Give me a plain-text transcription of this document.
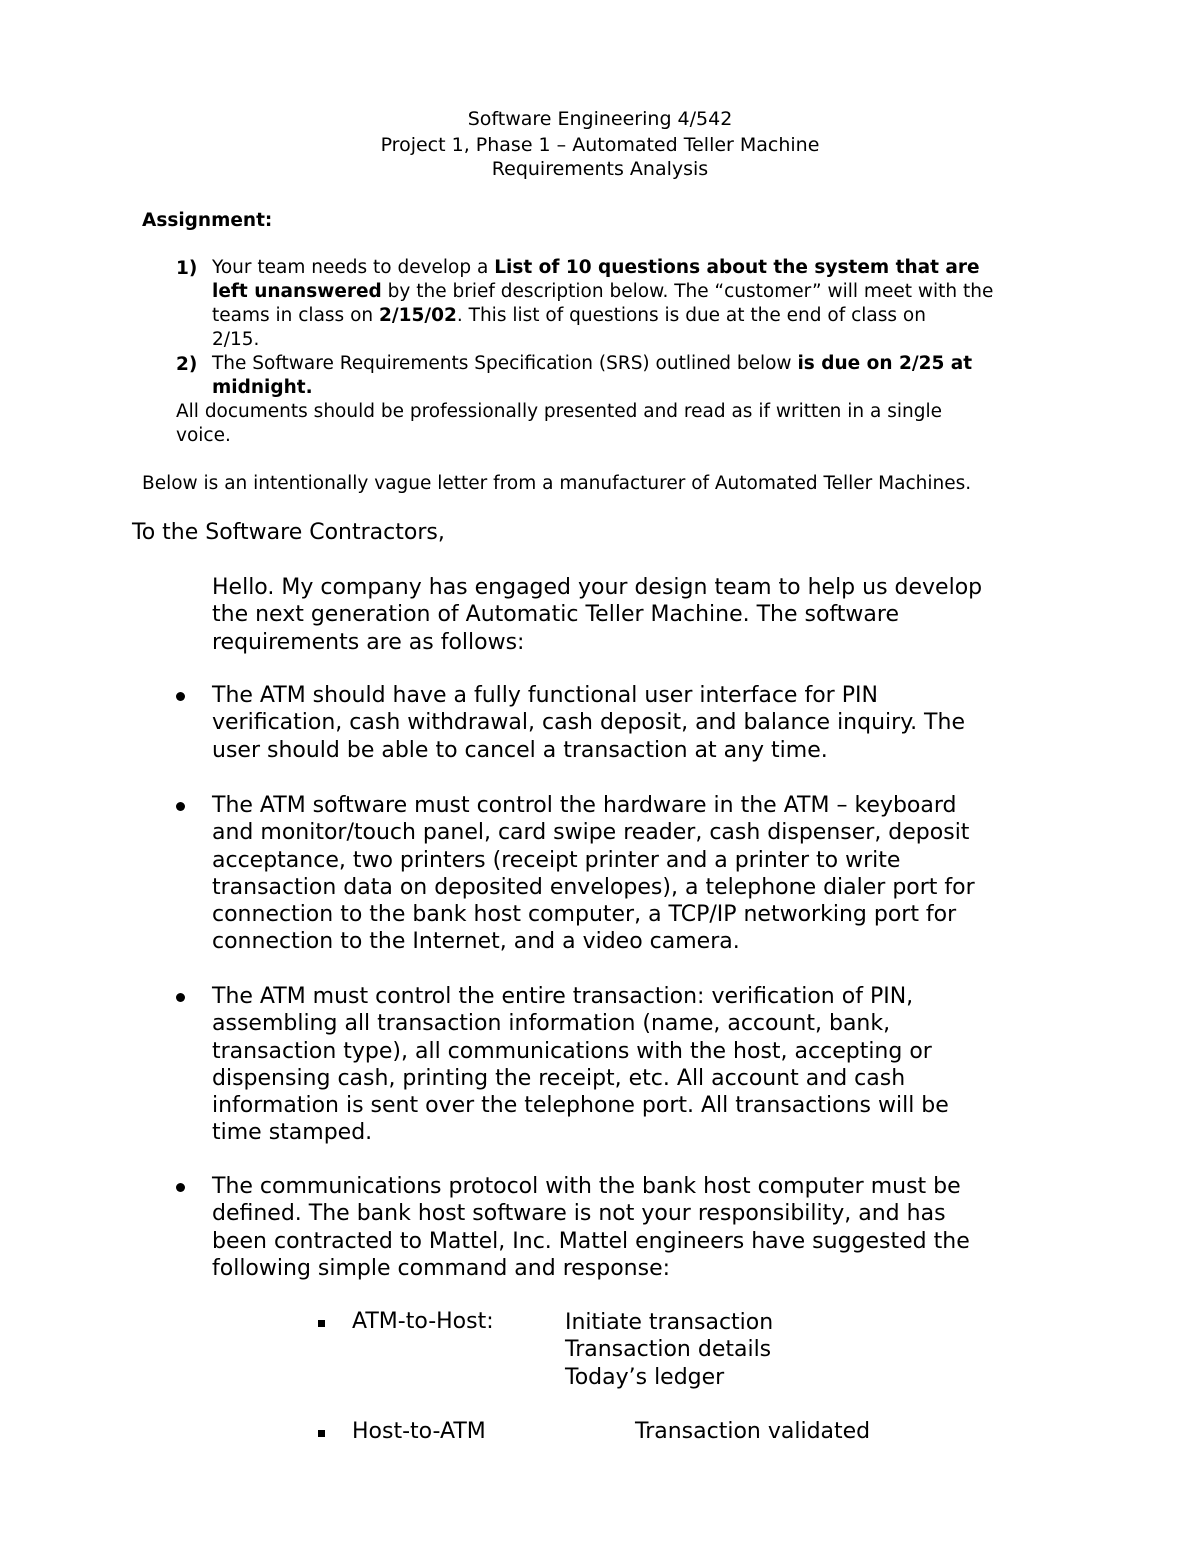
Software Engineering 4/542
Project 1, Phase 1 – Automated Teller Machine
Requirements Analysis
Assignment:
1) Your team needs to develop a List of 10 questions about the system that are
left unanswered by the brief description below. The “customer” will meet with the
teams in class on 2/15/02. This list of questions is due at the end of class on
2/15.
2) The Software Requirements Specification (SRS) outlined below is due on 2/25 at
midnight.
All documents should be professionally presented and read as if written in a single
voice.
Below is an intentionally vague letter from a manufacturer of Automated Teller Machines.
To the Software Contractors,
Hello. My company has engaged your design team to help us develop
the next generation of Automatic Teller Machine. The software
requirements are as follows:
The ATM should have a fully functional user interface for PIN
verification, cash withdrawal, cash deposit, and balance inquiry. The
user should be able to cancel a transaction at any time.
The ATM software must control the hardware in the ATM – keyboard
and monitor/touch panel, card swipe reader, cash dispenser, deposit
acceptance, two printers (receipt printer and a printer to write
transaction data on deposited envelopes), a telephone dialer port for
connection to the bank host computer, a TCP/IP networking port for
connection to the Internet, and a video camera.
The ATM must control the entire transaction: verification of PIN,
assembling all transaction information (name, account, bank,
transaction type), all communications with the host, accepting or
dispensing cash, printing the receipt, etc. All account and cash
information is sent over the telephone port. All transactions will be
time stamped.
The communications protocol with the bank host computer must be
defined. The bank host software is not your responsibility, and has
been contracted to Mattel, Inc. Mattel engineers have suggested the
following simple command and response:
ATM-to-Host:	Initiate transaction
Transaction details
Today’s ledger
Host-to-ATM	Transaction validated
